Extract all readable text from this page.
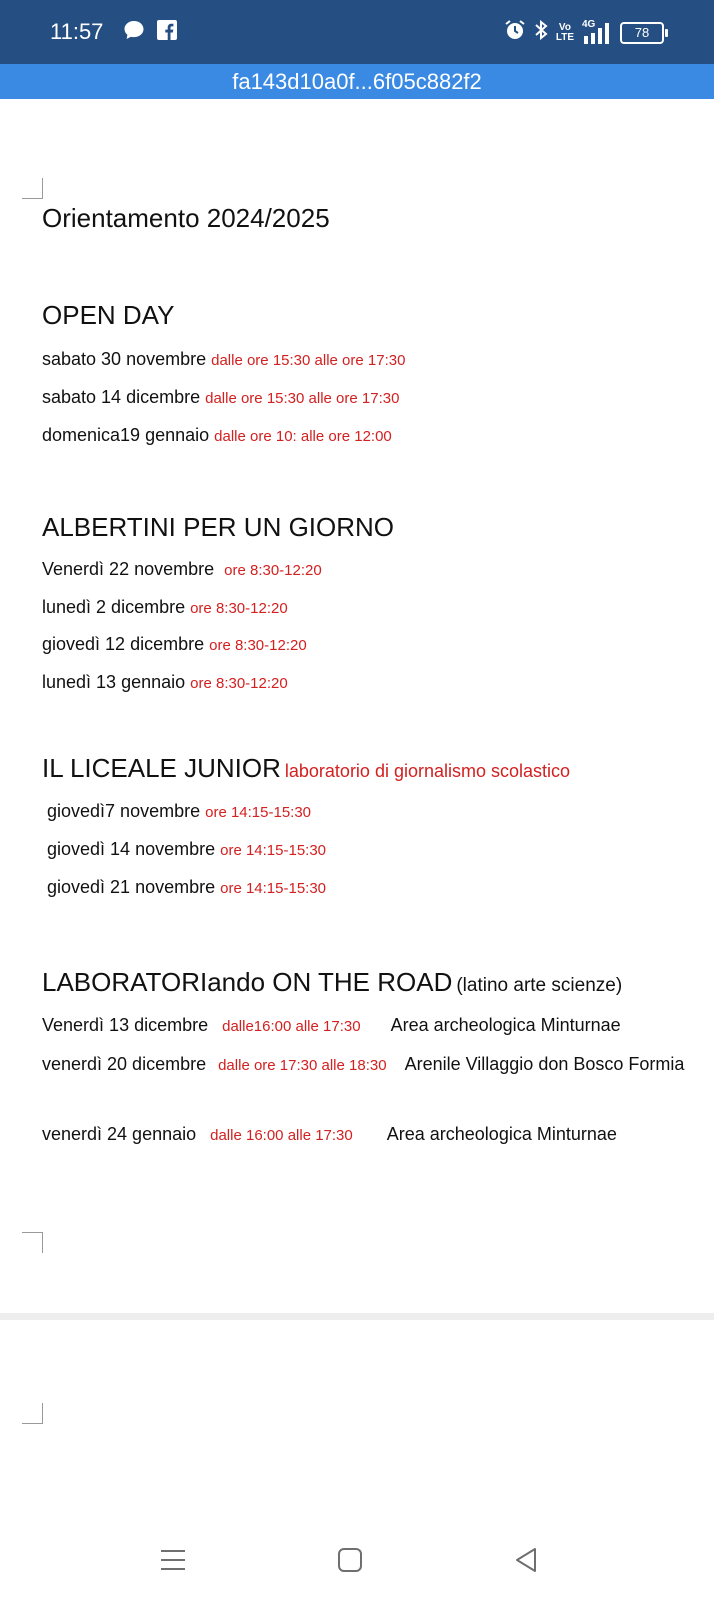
11:57	Vo
LTE
4G
78
fa143d10a0f...6f05c882f2
Orientamento 2024/2025
OPEN DAY
sabato 30 novembre dalle ore 15:30 alle ore 17:30
sabato 14 dicembre dalle ore 15:30 alle ore 17:30
domenica19 gennaio dalle ore 10: alle ore 12:00
ALBERTINI PER UN GIORNO
Venerdì 22 novembre ore 8:30-12:20
lunedì 2 dicembre ore 8:30-12:20
giovedì 12 dicembre ore 8:30-12:20
lunedì 13 gennaio ore 8:30-12:20
IL LICEALE JUNIOR laboratorio di giornalismo scolastico
giovedì7 novembre ore 14:15-15:30
giovedì 14 novembre ore 14:15-15:30
giovedì 21 novembre ore 14:15-15:30
LABORATORIando ON THE ROAD (latino arte scienze)
Venerdì 13 dicembre dalle16:00 alle 17:30 Area archeologica Minturnae
venerdì 20 dicembre dalle ore 17:30 alle 18:30 Arenile Villaggio don Bosco Formia
venerdì 24 gennaio dalle 16:00 alle 17:30 Area archeologica Minturnae
